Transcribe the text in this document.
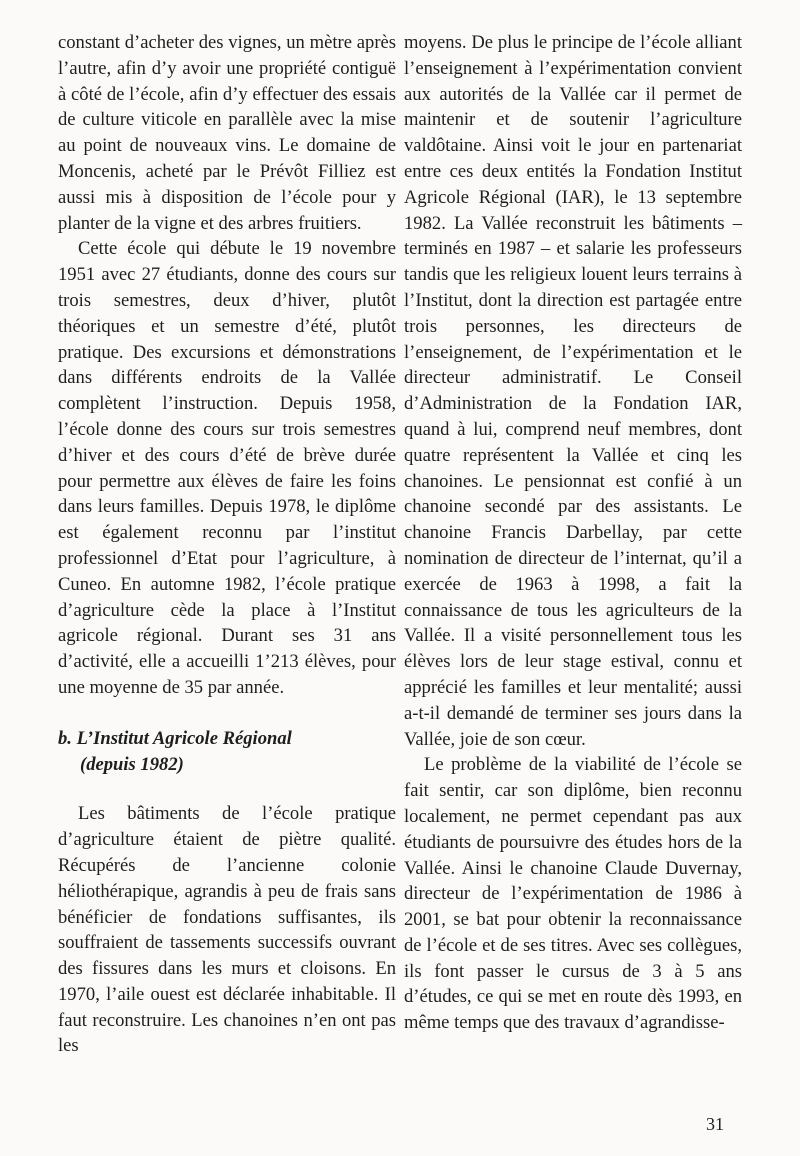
constant d’acheter des vignes, un mètre après l’autre, afin d’y avoir une propriété contiguë à côté de l’école, afin d’y effectuer des essais de culture viticole en parallèle avec la mise au point de nouveaux vins. Le domaine de Moncenis, acheté par le Prévôt Filliez est aussi mis à disposition de l’école pour y planter de la vigne et des arbres fruitiers.

Cette école qui débute le 19 novembre 1951 avec 27 étudiants, donne des cours sur trois semestres, deux d’hiver, plutôt théoriques et un semestre d’été, plutôt pratique. Des excursions et démonstrations dans différents endroits de la Vallée complètent l’instruction. Depuis 1958, l’école donne des cours sur trois semestres d’hiver et des cours d’été de brève durée pour permettre aux élèves de faire les foins dans leurs familles. Depuis 1978, le diplôme est également reconnu par l’institut professionnel d’Etat pour l’agriculture, à Cuneo. En automne 1982, l’école pratique d’agriculture cède la place à l’Institut agricole régional. Durant ses 31 ans d’activité, elle a accueilli 1’213 élèves, pour une moyenne de 35 par année.

b. L’Institut Agricole Régional
(depuis 1982)

Les bâtiments de l’école pratique d’agriculture étaient de piètre qualité. Récupérés de l’ancienne colonie héliothérapique, agrandis à peu de frais sans bénéficier de fondations suffisantes, ils souffraient de tassements successifs ouvrant des fissures dans les murs et cloisons. En 1970, l’aile ouest est déclarée inhabitable. Il faut reconstruire. Les chanoines n’en ont pas les

moyens. De plus le principe de l’école alliant l’enseignement à l’expérimentation convient aux autorités de la Vallée car il permet de maintenir et de soutenir l’agriculture valdôtaine. Ainsi voit le jour en partenariat entre ces deux entités la Fondation Institut Agricole Régional (IAR), le 13 septembre 1982. La Vallée reconstruit les bâtiments – terminés en 1987 – et salarie les professeurs tandis que les religieux louent leurs terrains à l’Institut, dont la direction est partagée entre trois personnes, les directeurs de l’enseignement, de l’expérimentation et le directeur administratif. Le Conseil d’Administration de la Fondation IAR, quand à lui, comprend neuf membres, dont quatre représentent la Vallée et cinq les chanoines. Le pensionnat est confié à un chanoine secondé par des assistants. Le chanoine Francis Darbellay, par cette nomination de directeur de l’internat, qu’il a exercée de 1963 à 1998, a fait la connaissance de tous les agriculteurs de la Vallée. Il a visité personnellement tous les élèves lors de leur stage estival, connu et apprécié les familles et leur mentalité; aussi a-t-il demandé de terminer ses jours dans la Vallée, joie de son cœur.

Le problème de la viabilité de l’école se fait sentir, car son diplôme, bien reconnu localement, ne permet cependant pas aux étudiants de poursuivre des études hors de la Vallée. Ainsi le chanoine Claude Duvernay, directeur de l’expérimentation de 1986 à 2001, se bat pour obtenir la reconnaissance de l’école et de ses titres. Avec ses collègues, ils font passer le cursus de 3 à 5 ans d’études, ce qui se met en route dès 1993, en même temps que des travaux d’agrandisse-

31
